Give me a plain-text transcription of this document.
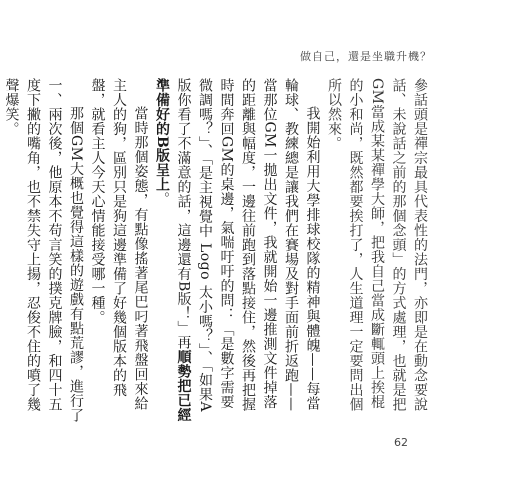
做自己，還是坐職升機？

參話頭是禪宗最具代表性的法門，亦即是在動念要說話、未說話之前的那個念頭」的方式處理，也就是把GM當成某某禪學大師，把我自己當成斷輒頭上挨棍的小和尚，既然都要挨打了，人生道理一定要問出個所以然來。

我開始利用大學排球校隊的精神與體魄——每當輪球、教練總是讓我們在賽場及對手面前折返跑——當那位GM一拋出文件，我就開始一邊推測文件掉落的距離與幅度，一邊往前跑到落點接住，然後再把握時間奔回GM的桌邊，氣喘吁吁的問：「是數字需要微調嗎？」、「是主視覺中 Logo 太小嗎？」、「如果A版你看了不滿意的話，這邊還有B版！」再順勢把已經準備好的B版呈上。

當時那個姿態，有點像搖著尾巴叼著飛盤回來給主人的狗，區別只是狗這邊準備了好幾個版本的飛盤，就看主人今天心情能接受哪一種。

那個GM大概也覺得這樣的遊戲有點荒謬，進行了一、兩次後，他原本不苟言笑的撲克牌臉，和四十五度下撇的嘴角，也不禁失守上揚，忍俊不住的噴了幾聲爆笑。

62
